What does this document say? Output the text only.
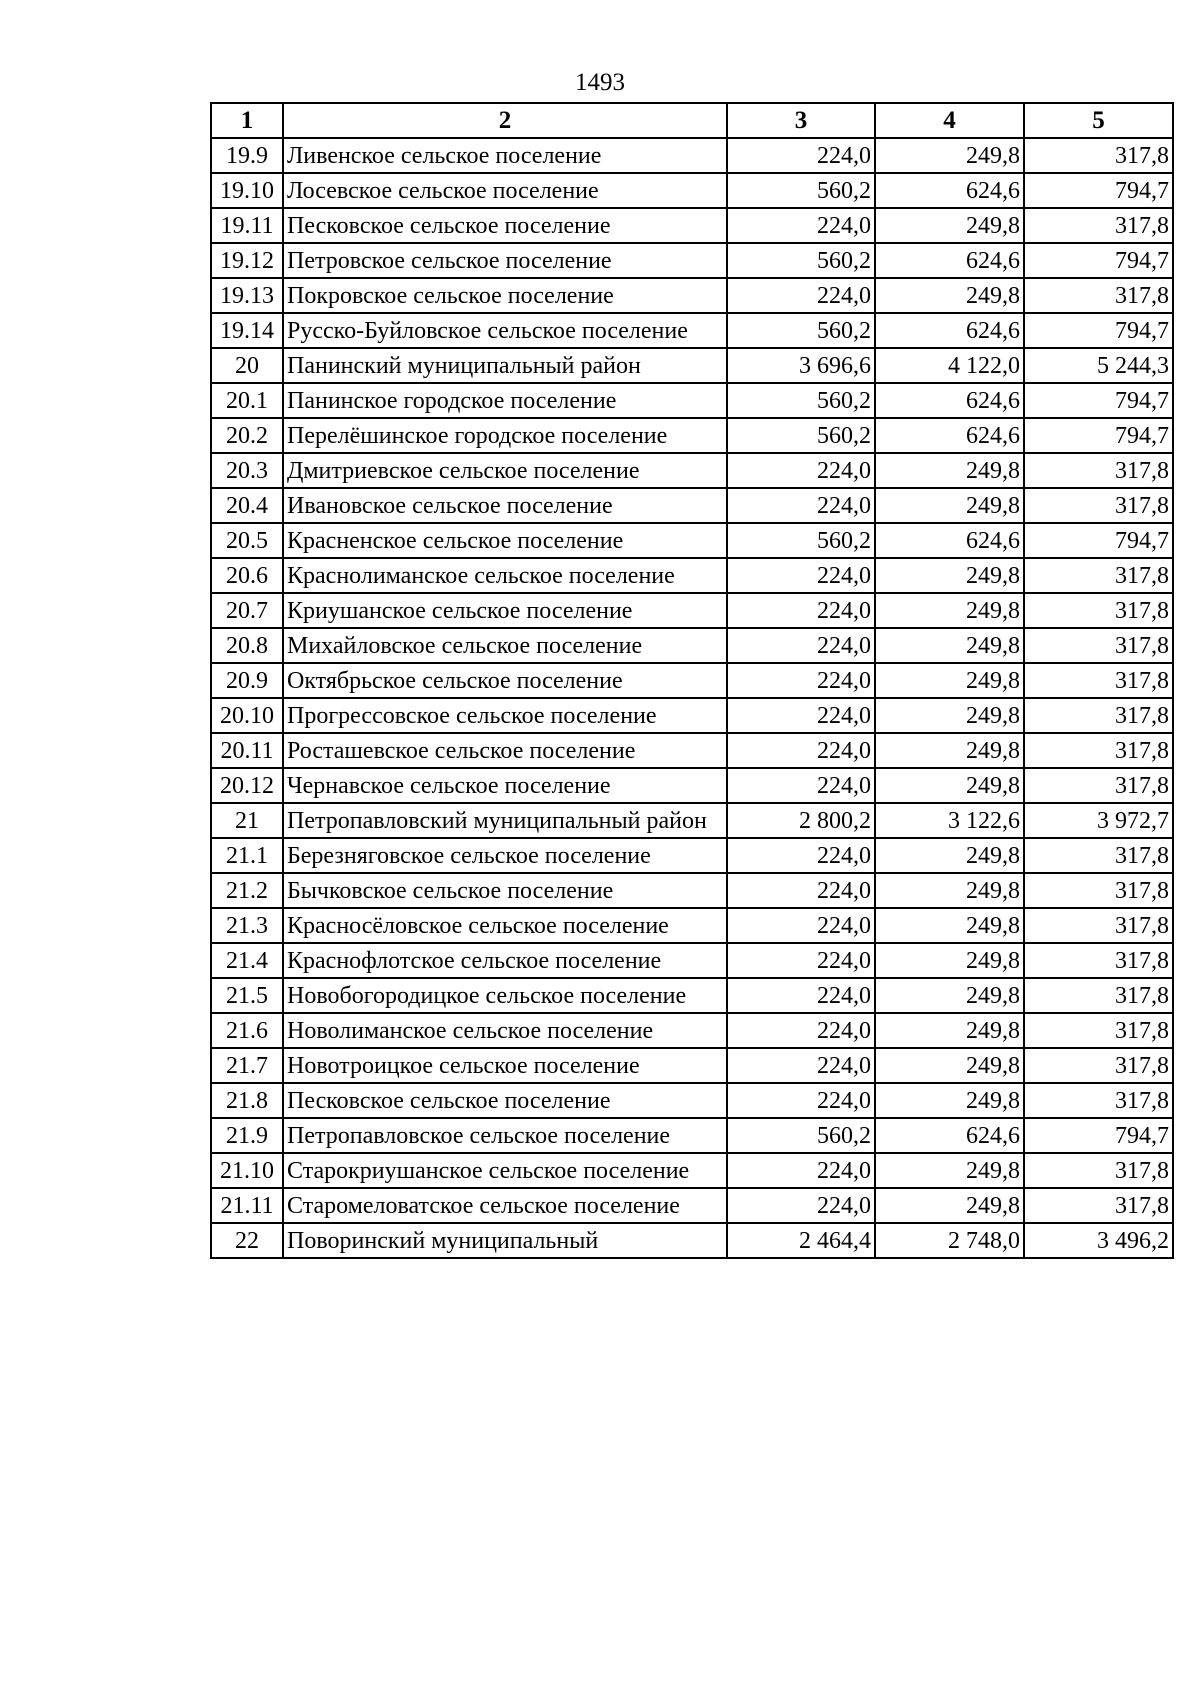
1493
1	2	3	4	5
19.9	Ливенское сельское поселение	224,0	249,8	317,8
19.10	Лосевское сельское поселение	560,2	624,6	794,7
19.11	Песковское сельское поселение	224,0	249,8	317,8
19.12	Петровское сельское поселение	560,2	624,6	794,7
19.13	Покровское сельское поселение	224,0	249,8	317,8
19.14	Русско-Буйловское сельское поселение	560,2	624,6	794,7
20	Панинский муниципальный район	3 696,6	4 122,0	5 244,3
20.1	Панинское городское поселение	560,2	624,6	794,7
20.2	Перелёшинское городское поселение	560,2	624,6	794,7
20.3	Дмитриевское сельское поселение	224,0	249,8	317,8
20.4	Ивановское сельское поселение	224,0	249,8	317,8
20.5	Красненское сельское поселение	560,2	624,6	794,7
20.6	Краснолиманское сельское поселение	224,0	249,8	317,8
20.7	Криушанское сельское поселение	224,0	249,8	317,8
20.8	Михайловское сельское поселение	224,0	249,8	317,8
20.9	Октябрьское сельское поселение	224,0	249,8	317,8
20.10	Прогрессовское сельское поселение	224,0	249,8	317,8
20.11	Росташевское сельское поселение	224,0	249,8	317,8
20.12	Чернавское сельское поселение	224,0	249,8	317,8
21	Петропавловский муниципальный район	2 800,2	3 122,6	3 972,7
21.1	Березняговское сельское поселение	224,0	249,8	317,8
21.2	Бычковское сельское поселение	224,0	249,8	317,8
21.3	Красносёловское сельское поселение	224,0	249,8	317,8
21.4	Краснофлотское сельское поселение	224,0	249,8	317,8
21.5	Новобогородицкое сельское поселение	224,0	249,8	317,8
21.6	Новолиманское сельское поселение	224,0	249,8	317,8
21.7	Новотроицкое сельское поселение	224,0	249,8	317,8
21.8	Песковское сельское поселение	224,0	249,8	317,8
21.9	Петропавловское сельское поселение	560,2	624,6	794,7
21.10	Старокриушанское сельское поселение	224,0	249,8	317,8
21.11	Старомеловатское сельское поселение	224,0	249,8	317,8
22	Поворинский муниципальный	2 464,4	2 748,0	3 496,2
